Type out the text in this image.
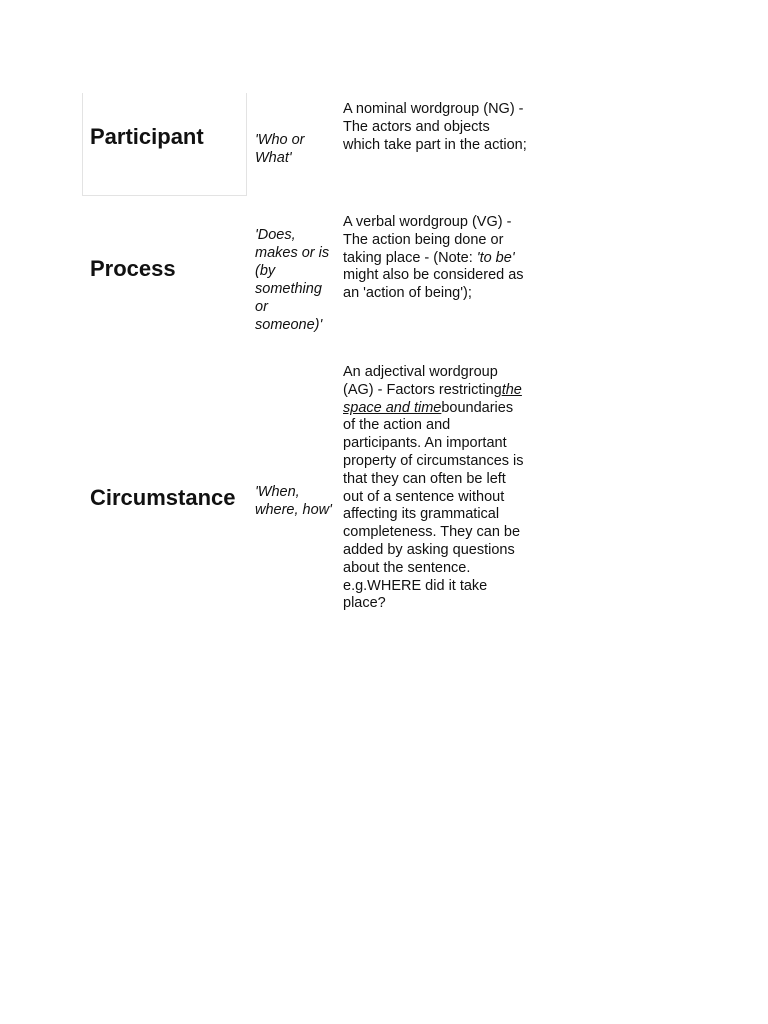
Participant	'Who or What'
A nominal wordgroup (NG) - The actors and objects which take part in the action;
Process
'Does, makes or is (by something or someone)'
A verbal wordgroup (VG) - The action being done or taking place - (Note: 'to be' might also be considered as an 'action of being');
Circumstance 'When, where, how'
An adjectival wordgroup (AG) - Factors restrictingthe space and timeboundaries of the action and participants. An important property of circumstances is that they can often be left out of a sentence without affecting its grammatical completeness. They can be added by asking questions about the sentence. e.g.WHERE did it take place?
